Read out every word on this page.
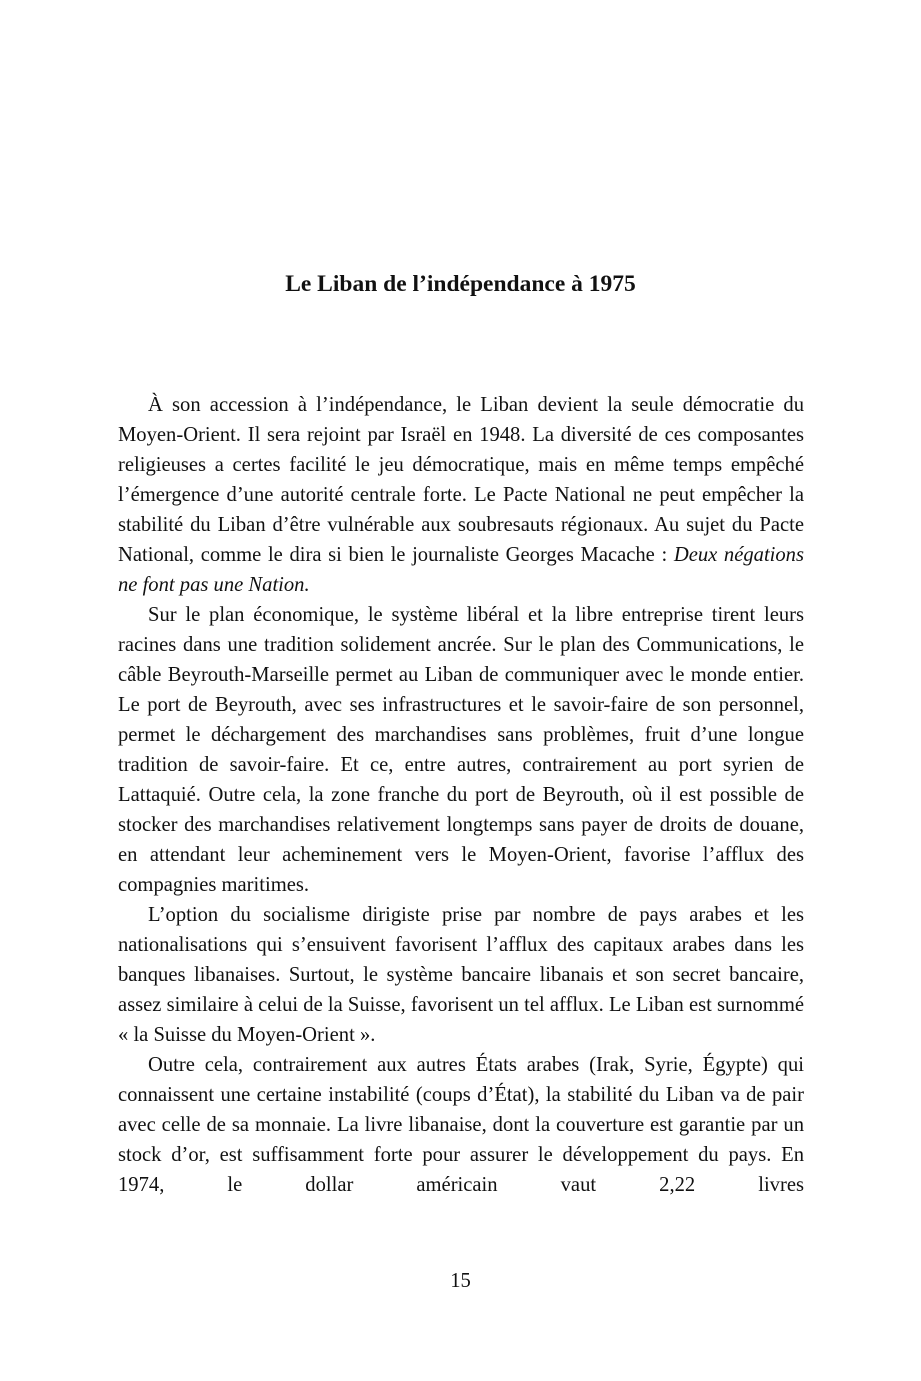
Le Liban de l’indépendance à 1975

À son accession à l’indépendance, le Liban devient la seule démocratie du Moyen-Orient. Il sera rejoint par Israël en 1948. La diversité de ces composantes religieuses a certes facilité le jeu démocratique, mais en même temps empêché l’émergence d’une autorité centrale forte. Le Pacte National ne peut empêcher la stabilité du Liban d’être vulnérable aux soubresauts régionaux. Au sujet du Pacte National, comme le dira si bien le journaliste Georges Macache : Deux négations ne font pas une Nation.

Sur le plan économique, le système libéral et la libre entreprise tirent leurs racines dans une tradition solidement ancrée. Sur le plan des Communications, le câble Beyrouth-Marseille permet au Liban de communiquer avec le monde entier. Le port de Beyrouth, avec ses infrastructures et le savoir-faire de son personnel, permet le déchargement des marchandises sans problèmes, fruit d’une longue tradition de savoir-faire. Et ce, entre autres, contrairement au port syrien de Lattaquié. Outre cela, la zone franche du port de Beyrouth, où il est possible de stocker des marchandises relativement longtemps sans payer de droits de douane, en attendant leur acheminement vers le Moyen-Orient, favorise l’afflux des compagnies maritimes.

L’option du socialisme dirigiste prise par nombre de pays arabes et les nationalisations qui s’ensuivent favorisent l’afflux des capitaux arabes dans les banques libanaises. Surtout, le système bancaire libanais et son secret bancaire, assez similaire à celui de la Suisse, favorisent un tel afflux. Le Liban est surnommé « la Suisse du Moyen-Orient ».

Outre cela, contrairement aux autres États arabes (Irak, Syrie, Égypte) qui connaissent une certaine instabilité (coups d’État), la stabilité du Liban va de pair avec celle de sa monnaie. La livre libanaise, dont la couverture est garantie par un stock d’or, est suffisamment forte pour assurer le développement du pays. En 1974, le dollar américain vaut 2,22 livres

15
